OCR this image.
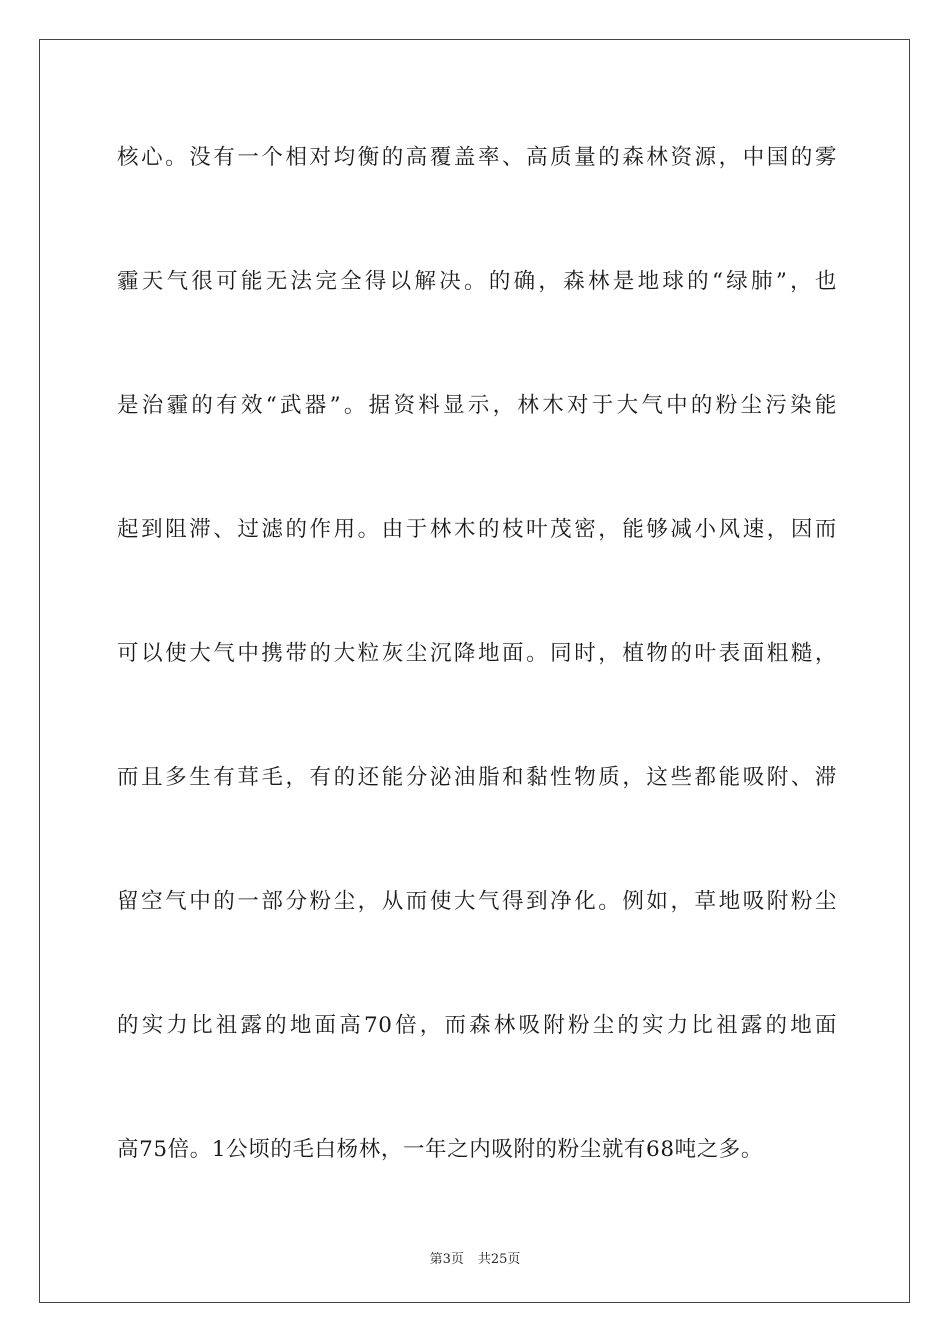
核心。没有一个相对均衡的高覆盖率、高质量的森林资源，中国的雾
霾天气很可能无法完全得以解决。的确，森林是地球的“绿肺”，也
是治霾的有效“武器”。据资料显示，林木对于大气中的粉尘污染能
起到阻滞、过滤的作用。由于林木的枝叶茂密，能够减小风速，因而
可以使大气中携带的大粒灰尘沉降地面。同时，植物的叶表面粗糙，
而且多生有茸毛，有的还能分泌油脂和黏性物质，这些都能吸附、滞
留空气中的一部分粉尘，从而使大气得到净化。例如，草地吸附粉尘
的实力比祖露的地面高70倍，而森林吸附粉尘的实力比祖露的地面
高75倍。1公顷的毛白杨林，一年之内吸附的粉尘就有68吨之多。
第3页 共25页
